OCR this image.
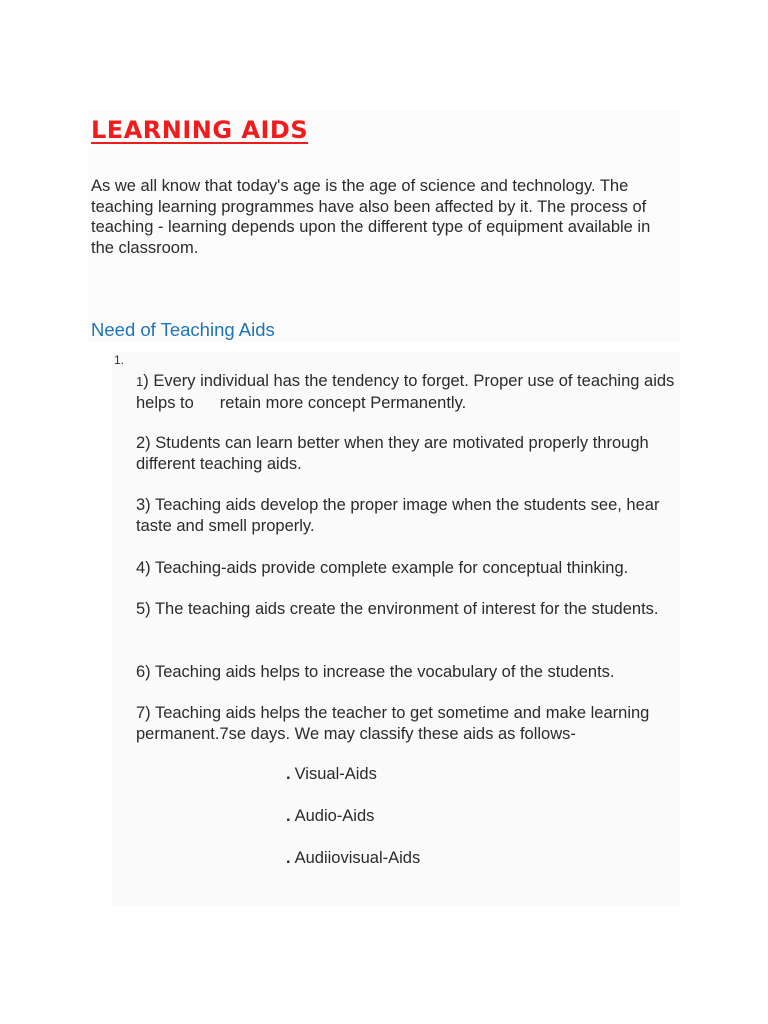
LEARNING AIDS

As we all know that today's age is the age of science and technology. The teaching learning programmes have also been affected by it. The process of teaching - learning depends upon the different type of equipment available in the classroom.

Need of Teaching Aids
1.

1) Every individual has the tendency to forget. Proper use of teaching aids helps to retain more concept Permanently.

2) Students can learn better when they are motivated properly through different teaching aids.

3) Teaching aids develop the proper image when the students see, hear taste and smell properly.

4) Teaching-aids provide complete example for conceptual thinking.

5) The teaching aids create the environment of interest for the students.

6) Teaching aids helps to increase the vocabulary of the students.

7) Teaching aids helps the teacher to get sometime and make learning permanent.7se days. We may classify these aids as follows-

. Visual-Aids

. Audio-Aids

. Audiiovisual-Aids
